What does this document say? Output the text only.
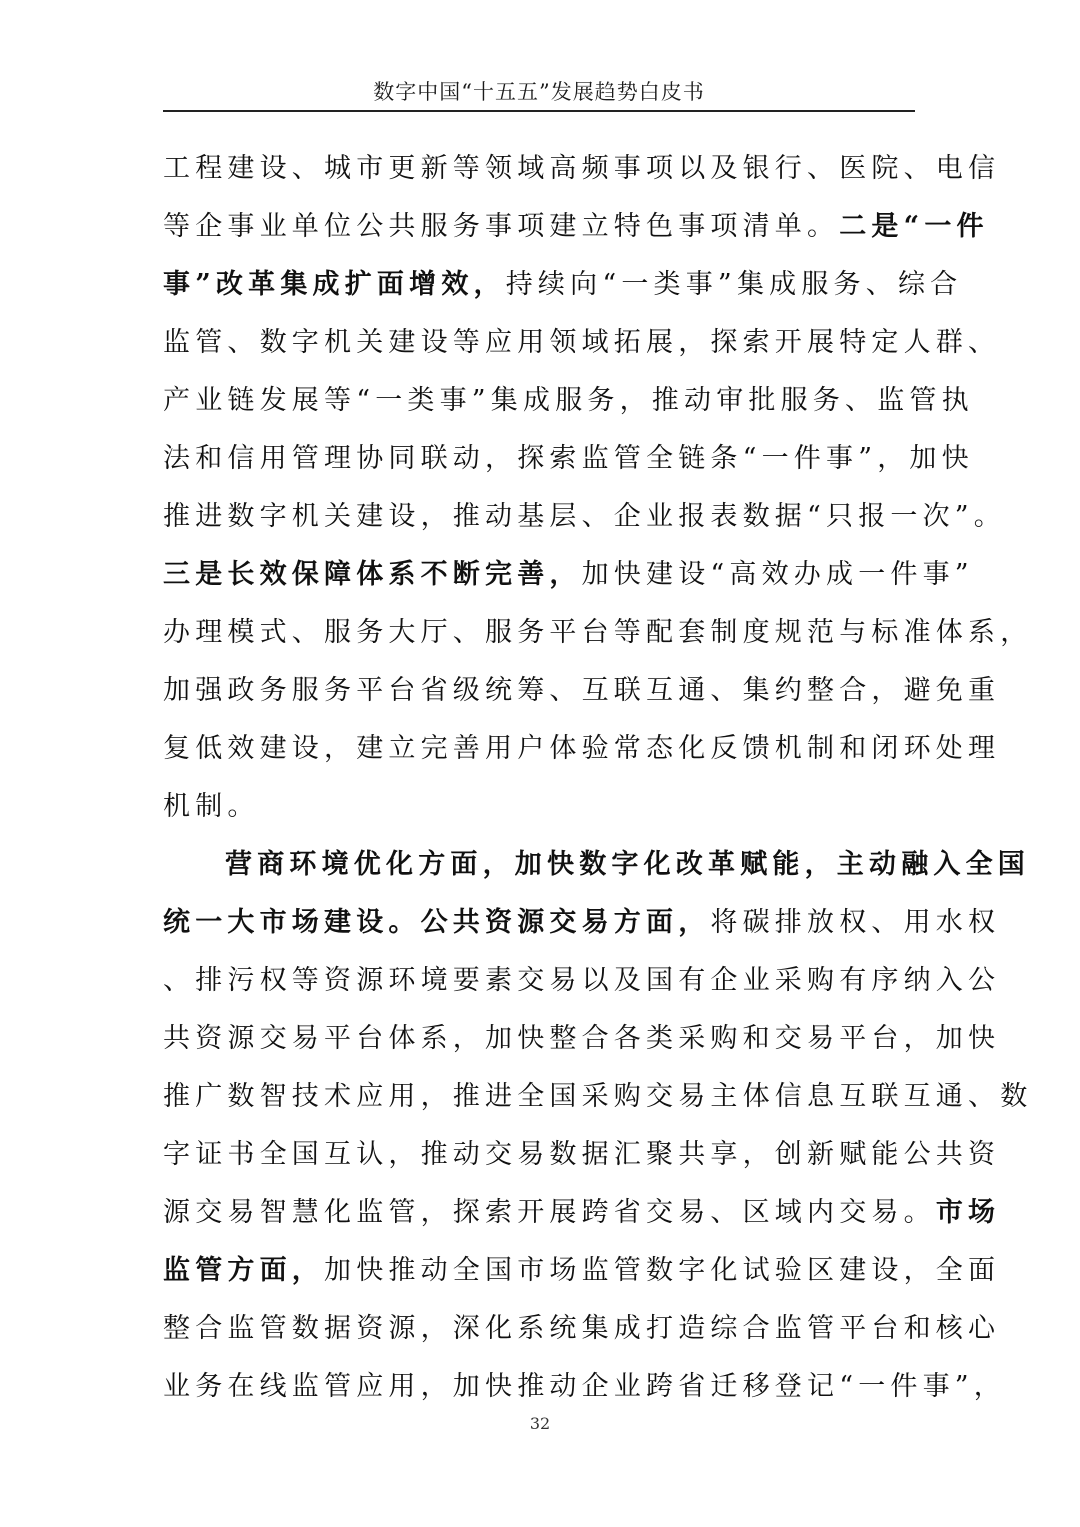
数字中国“十五五”发展趋势白皮书
工程建设、城市更新等领域高频事项以及银行、医院、电信
等企事业单位公共服务事项建立特色事项清单。二是“一件
事”改革集成扩面增效，持续向“一类事”集成服务、综合
监管、数字机关建设等应用领域拓展，探索开展特定人群、
产业链发展等“一类事”集成服务，推动审批服务、监管执
法和信用管理协同联动，探索监管全链条“一件事”，加快
推进数字机关建设，推动基层、企业报表数据“只报一次”。
三是长效保障体系不断完善，加快建设“高效办成一件事”
办理模式、服务大厅、服务平台等配套制度规范与标准体系，
加强政务服务平台省级统筹、互联互通、集约整合，避免重
复低效建设，建立完善用户体验常态化反馈机制和闭环处理
机制。
营商环境优化方面，加快数字化改革赋能，主动融入全国
统一大市场建设。公共资源交易方面，将碳排放权、用水权
、排污权等资源环境要素交易以及国有企业采购有序纳入公
共资源交易平台体系，加快整合各类采购和交易平台，加快
推广数智技术应用，推进全国采购交易主体信息互联互通、数
字证书全国互认，推动交易数据汇聚共享，创新赋能公共资
源交易智慧化监管，探索开展跨省交易、区域内交易。市场
监管方面，加快推动全国市场监管数字化试验区建设，全面
整合监管数据资源，深化系统集成打造综合监管平台和核心
业务在线监管应用，加快推动企业跨省迁移登记“一件事”，
32
